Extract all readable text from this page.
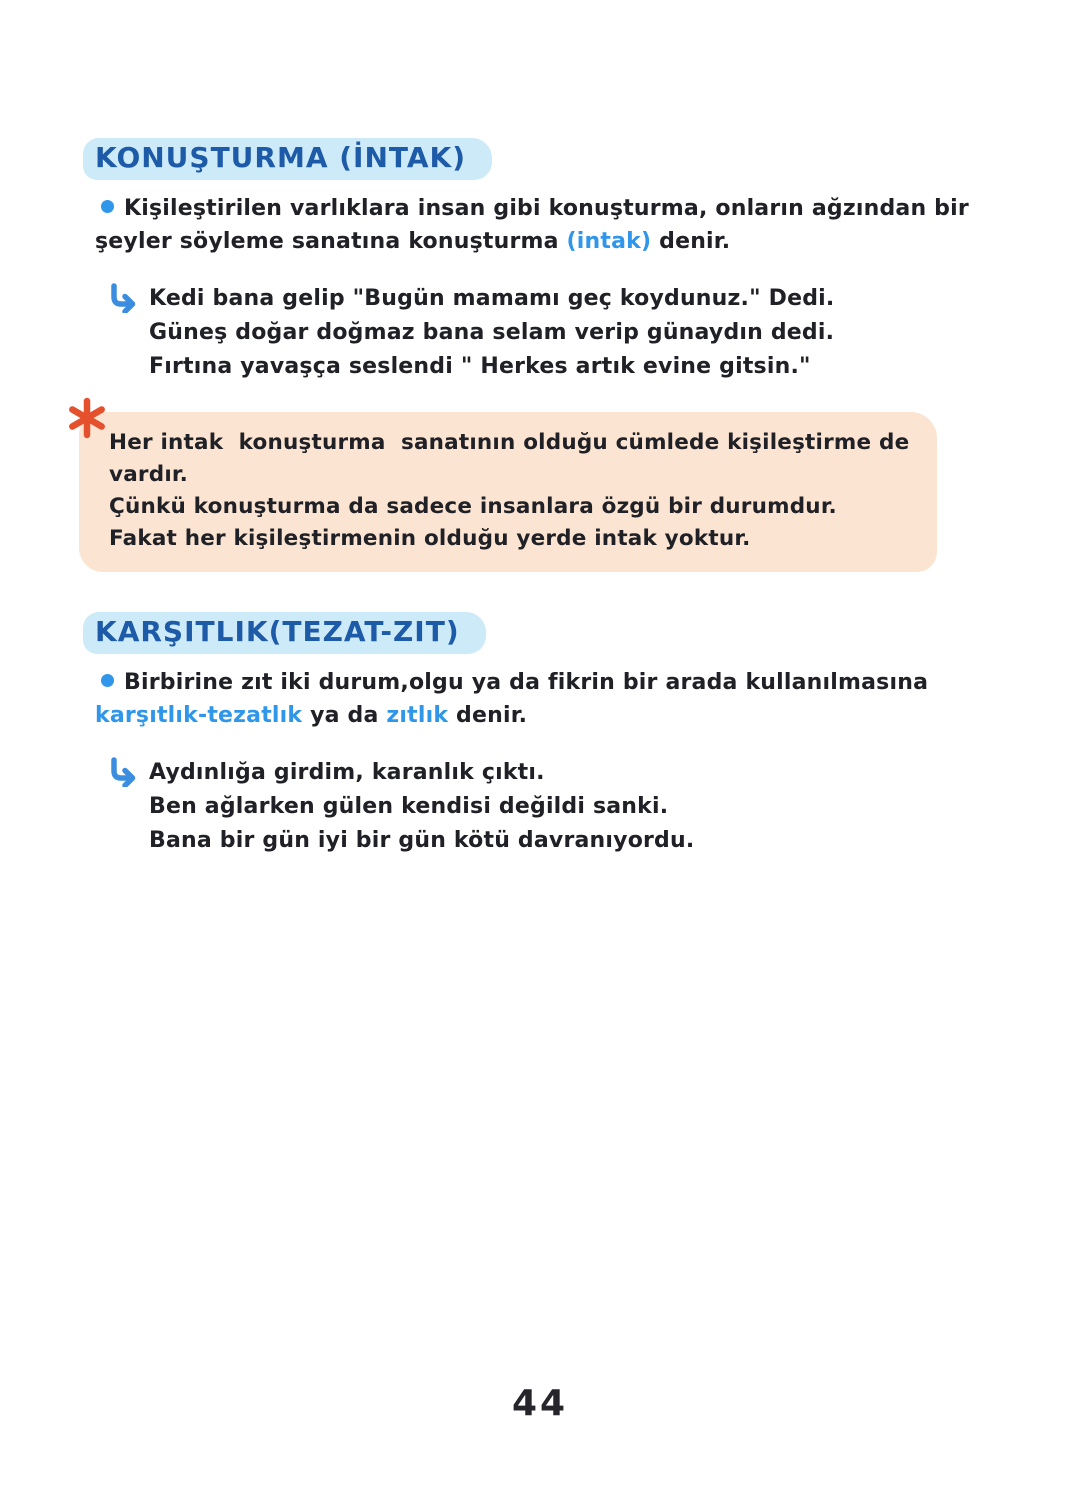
KONUŞTURMA (İNTAK)

Kişileştirilen varlıklara insan gibi konuşturma, onların ağzından bir şeyler söyleme sanatına konuşturma (intak) denir.

Kedi bana gelip "Bugün mamamı geç koydunuz." Dedi.
Güneş doğar doğmaz bana selam verip günaydın dedi.
Fırtına yavaşça seslendi " Herkes artık evine gitsin."
Her intak  konuşturma  sanatının olduğu cümlede kişileştirme de vardır.
Çünkü konuşturma da sadece insanlara özgü bir durumdur.
Fakat her kişileştirmenin olduğu yerde intak yoktur.
KARŞITLIK(TEZAT-ZIT)

Birbirine zıt iki durum,olgu ya da fikrin bir arada kullanılmasına karşıtlık-tezatlık ya da zıtlık denir.

Aydınlığa girdim, karanlık çıktı.
Ben ağlarken gülen kendisi değildi sanki.
Bana bir gün iyi bir gün kötü davranıyordu.
44
